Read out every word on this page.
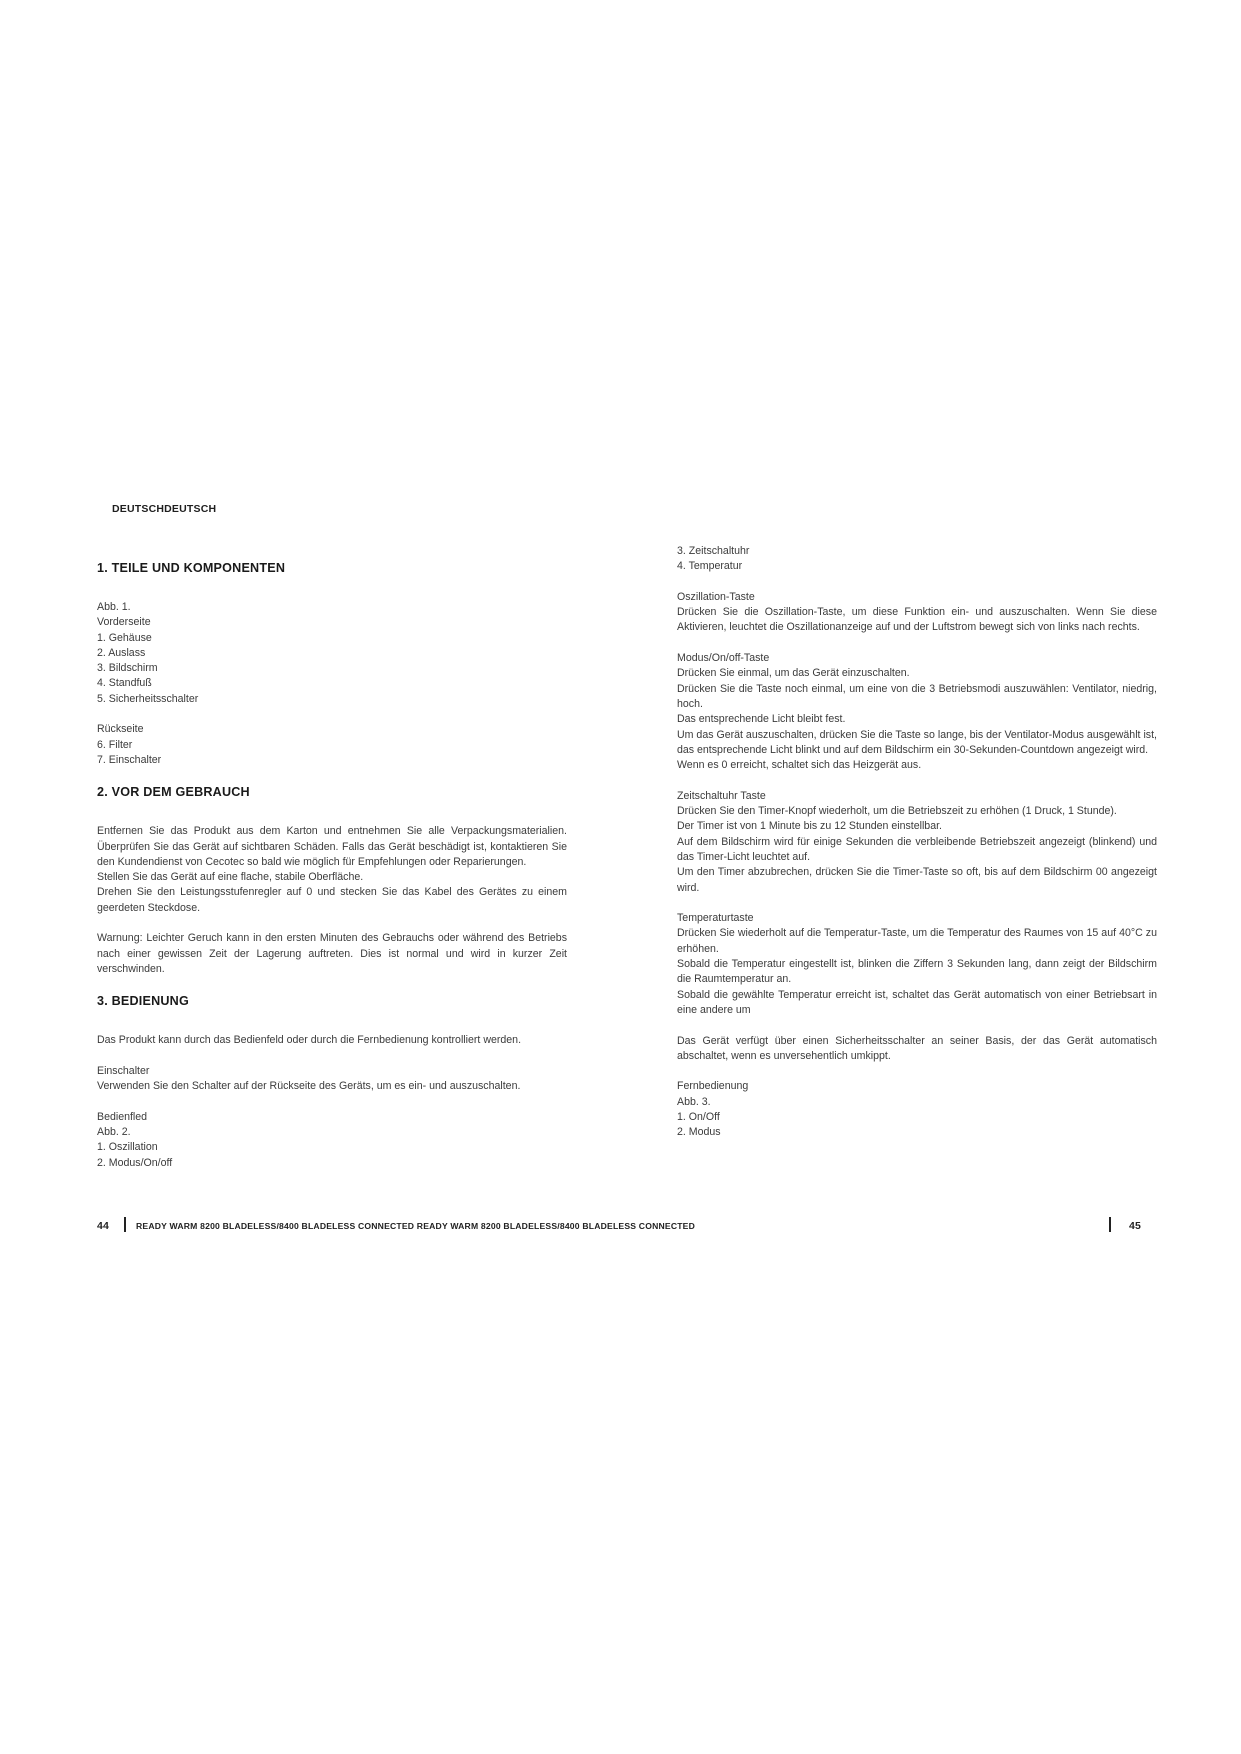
DEUTSCHDEUTSCH
1. TEILE UND KOMPONENTEN
Abb. 1.
Vorderseite
1. Gehäuse
2. Auslass
3. Bildschirm
4. Standfuß
5. Sicherheitsschalter
Rückseite
6. Filter
7. Einschalter
2. VOR DEM GEBRAUCH

Entfernen Sie das Produkt aus dem Karton und entnehmen Sie alle Verpackungsmaterialien. Überprüfen Sie das Gerät auf sichtbaren Schäden. Falls das Gerät beschädigt ist, kontaktieren Sie den Kundendienst von Cecotec so bald wie möglich für Empfehlungen oder Reparierungen.

Stellen Sie das Gerät auf eine flache, stabile Oberfläche.

Drehen Sie den Leistungsstufenregler auf 0 und stecken Sie das Kabel des Gerätes zu einem geerdeten Steckdose.

Warnung: Leichter Geruch kann in den ersten Minuten des Gebrauchs oder während des Betriebs nach einer gewissen Zeit der Lagerung auftreten. Dies ist normal und wird in kurzer Zeit verschwinden.

3. BEDIENUNG

Das Produkt kann durch das Bedienfeld oder durch die Fernbedienung kontrolliert werden.

Einschalter

Verwenden Sie den Schalter auf der Rückseite des Geräts, um es ein- und auszuschalten.

Bedienfled
Abb. 2.
1. Oszillation
2. Modus/On/off
3. Zeitschaltuhr
4. Temperatur
Oszillation-Taste

Drücken Sie die Oszillation-Taste, um diese Funktion ein- und auszuschalten. Wenn Sie diese Aktivieren, leuchtet die Oszillationanzeige auf und der Luftstrom bewegt sich von links nach rechts.

Modus/On/off-Taste

Drücken Sie einmal, um das Gerät einzuschalten.

Drücken Sie die Taste noch einmal, um eine von die 3 Betriebsmodi auszuwählen: Ventilator, niedrig, hoch.

Das entsprechende Licht bleibt fest.

Um das Gerät auszuschalten, drücken Sie die Taste so lange, bis der Ventilator-Modus ausgewählt ist, das entsprechende Licht blinkt und auf dem Bildschirm ein 30-Sekunden-Countdown angezeigt wird.

Wenn es 0 erreicht, schaltet sich das Heizgerät aus.

Zeitschaltuhr Taste

Drücken Sie den Timer-Knopf wiederholt, um die Betriebszeit zu erhöhen (1 Druck, 1 Stunde).

Der Timer ist von 1 Minute bis zu 12 Stunden einstellbar.

Auf dem Bildschirm wird für einige Sekunden die verbleibende Betriebszeit angezeigt (blinkend) und das Timer-Licht leuchtet auf.

Um den Timer abzubrechen, drücken Sie die Timer-Taste so oft, bis auf dem Bildschirm 00 angezeigt wird.

Temperaturtaste

Drücken Sie wiederholt auf die Temperatur-Taste, um die Temperatur des Raumes von 15 auf 40°C zu erhöhen.

Sobald die Temperatur eingestellt ist, blinken die Ziffern 3 Sekunden lang, dann zeigt der Bildschirm die Raumtemperatur an.

Sobald die gewählte Temperatur erreicht ist, schaltet das Gerät automatisch von einer Betriebsart in eine andere um

Das Gerät verfügt über einen Sicherheitsschalter an seiner Basis, der das Gerät automatisch abschaltet, wenn es unversehentlich umkippt.

Fernbedienung
Abb. 3.
1. On/Off
2. Modus
44	READY WARM 8200 BLADELESS/8400 BLADELESS CONNECTED READY WARM 8200 BLADELESS/8400 BLADELESS CONNECTED	45
